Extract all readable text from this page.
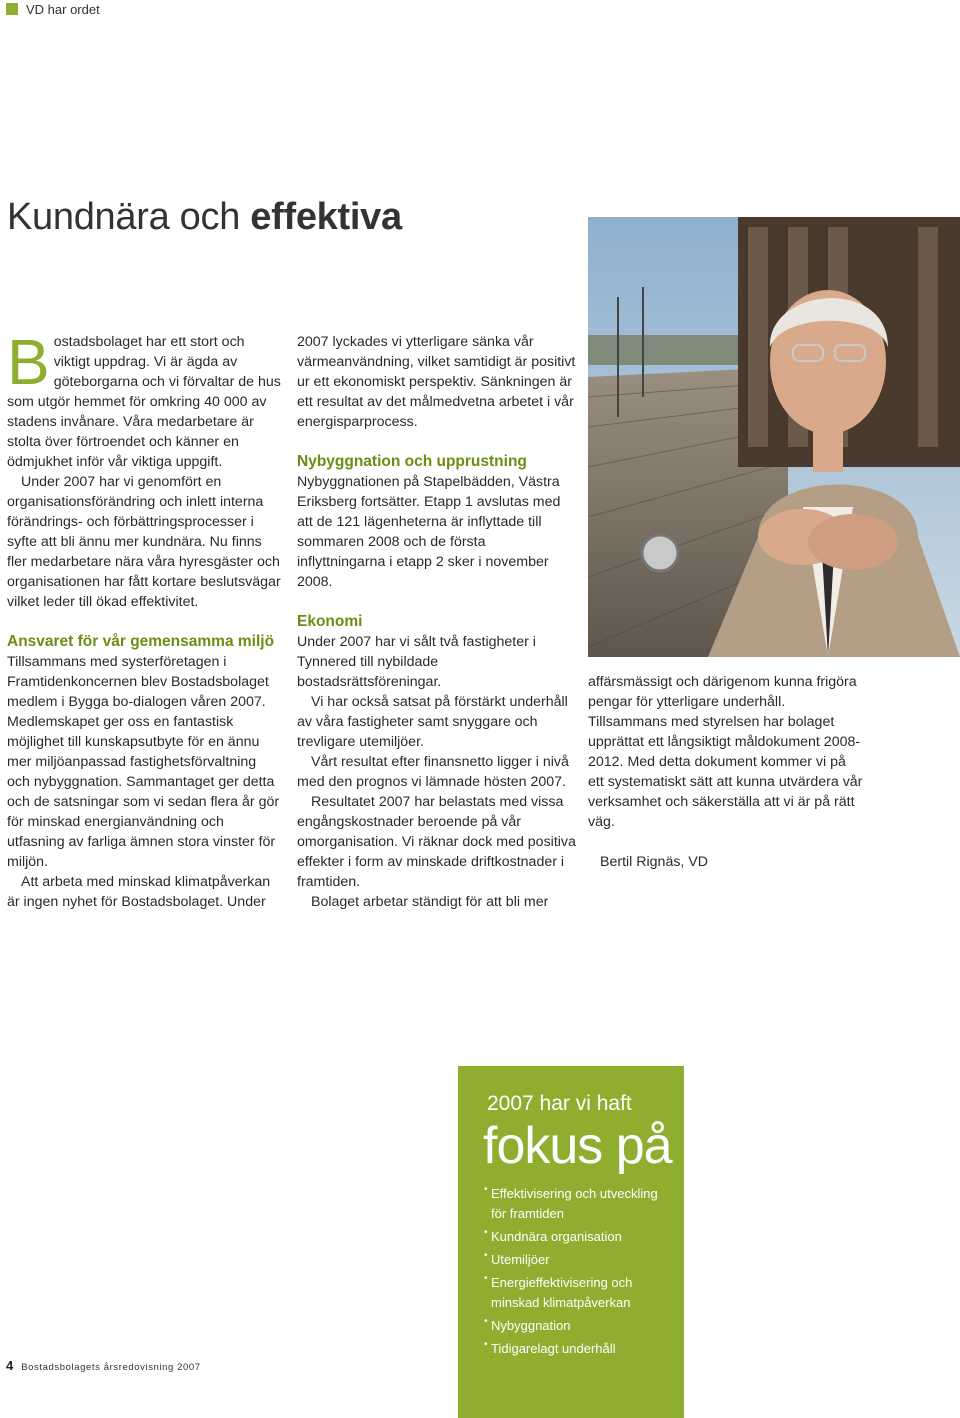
VD har ordet
Kundnära och effektiva

Bostadsbolaget har ett stort och viktigt uppdrag. Vi är ägda av göteborgarna och vi förvaltar de hus som utgör hemmet för omkring 40 000 av stadens invånare. Våra medarbetare är stolta över förtroendet och känner en ödmjukhet inför vår viktiga uppgift.

Under 2007 har vi genomfört en organisationsförändring och inlett interna förändrings- och förbättringsprocesser i syfte att bli ännu mer kundnära. Nu finns fler medarbetare nära våra hyresgäster och organisationen har fått kortare beslutsvägar vilket leder till ökad effektivitet.

Ansvaret för vår gemensamma miljö

Tillsammans med systerföretagen i Framtidenkoncernen blev Bostadsbolaget medlem i Bygga bo-dialogen våren 2007. Medlemskapet ger oss en fantastisk möjlighet till kunskapsutbyte för en ännu mer miljöanpassad fastighetsförvaltning och nybyggnation. Sammantaget ger detta och de satsningar som vi sedan flera år gör för minskad energianvändning och utfasning av farliga ämnen stora vinster för miljön.

Att arbeta med minskad klimatpåverkan är ingen nyhet för Bostadsbolaget. Under

2007 lyckades vi ytterligare sänka vår värmeanvändning, vilket samtidigt är positivt ur ett ekonomiskt perspektiv. Sänkningen är ett resultat av det målmedvetna arbetet i vår energisparprocess.

Nybyggnation och upprustning

Nybyggnationen på Stapelbädden, Västra Eriksberg fortsätter. Etapp 1 avslutas med att de 121 lägenheterna är inflyttade till sommaren 2008 och de första inflyttningarna i etapp 2 sker i november 2008.

Ekonomi

Under 2007 har vi sålt två fastigheter i Tynnered till nybildade bostadsrättsföreningar.

Vi har också satsat på förstärkt underhåll av våra fastigheter samt snyggare och trevligare utemiljöer.

Vårt resultat efter finansnetto ligger i nivå med den prognos vi lämnade hösten 2007.

Resultatet 2007 har belastats med vissa engångskostnader beroende på vår omorganisation. Vi räknar dock med positiva effekter i form av minskade driftkostnader i framtiden.

Bolaget arbetar ständigt för att bli mer

affärsmässigt och därigenom kunna frigöra pengar för ytterligare underhåll. Tillsammans med styrelsen har bolaget upprättat ett långsiktigt måldokument 2008-2012. Med detta dokument kommer vi på ett systematiskt sätt att kunna utvärdera vår verksamhet och säkerställa att vi är på rätt väg.

Bertil Rignäs, VD

2007 har vi haft
fokus på
• Effektivisering och utveckling för framtiden
• Kundnära organisation
• Utemiljöer
• Energieffektivisering och minskad klimatpåverkan
• Nybyggnation
• Tidigarelagt underhåll
4 Bostadsbolagets årsredovisning 2007
